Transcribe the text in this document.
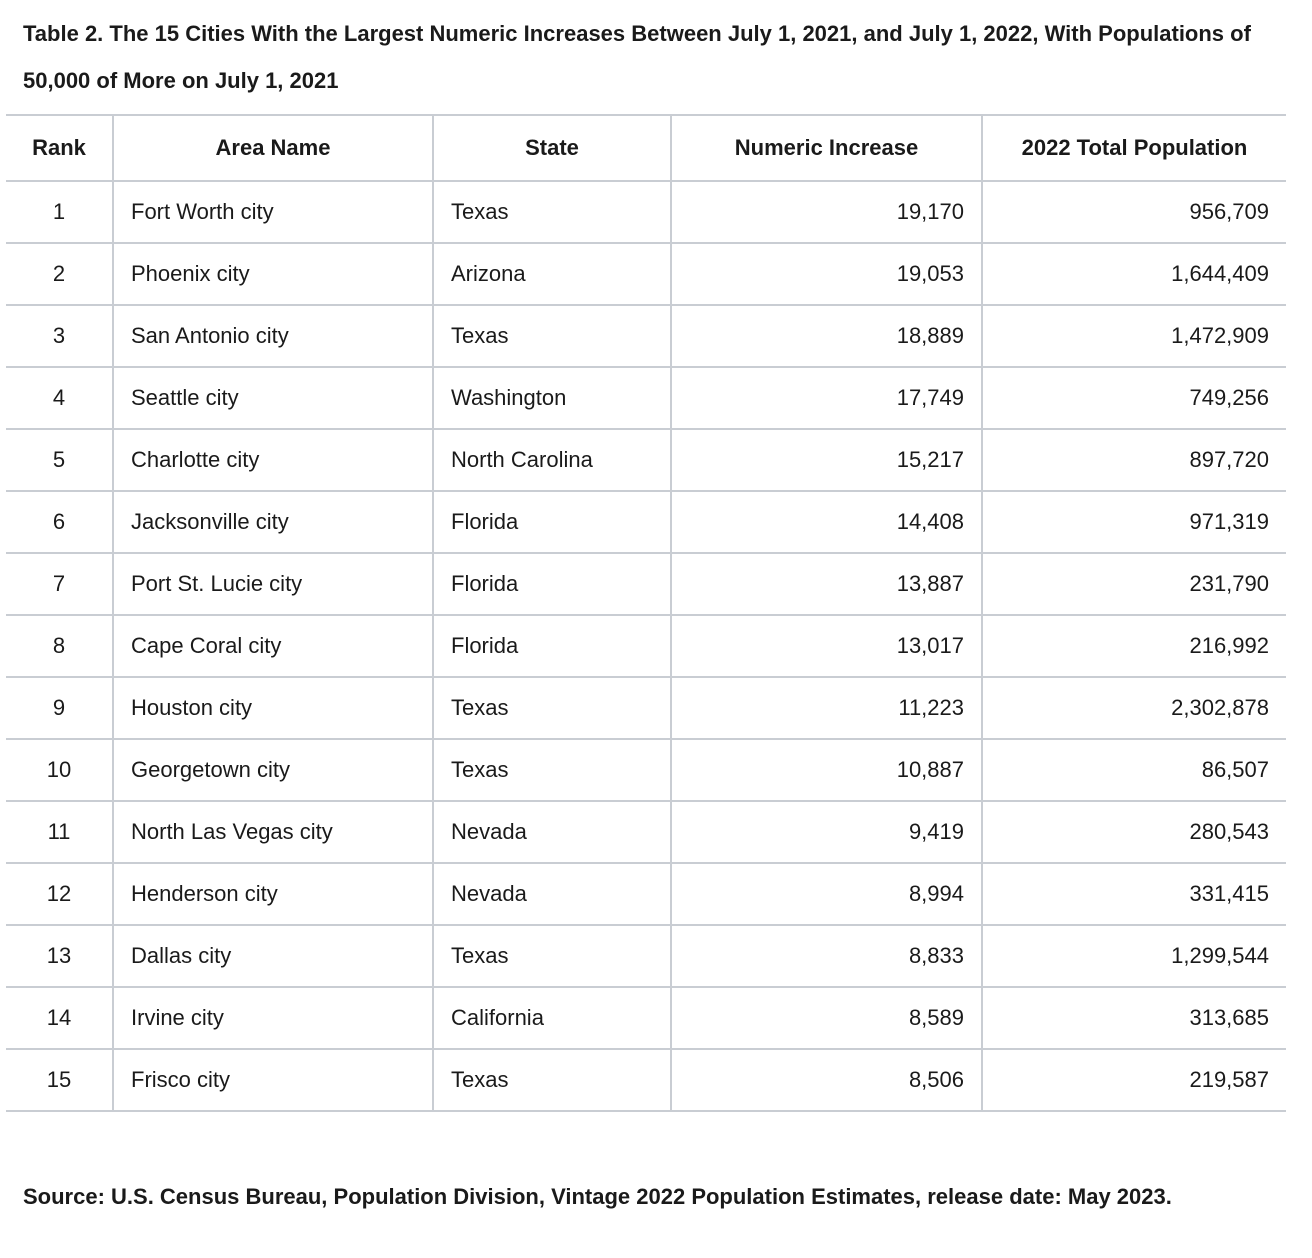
Table 2. The 15 Cities With the Largest Numeric Increases Between July 1, 2021, and July 1, 2022, With Populations of 50,000 of More on July 1, 2021
Rank	Area Name	State	Numeric Increase	2022 Total Population
1	Fort Worth city	Texas	19,170	956,709
2	Phoenix city	Arizona	19,053	1,644,409
3	San Antonio city	Texas	18,889	1,472,909
4	Seattle city	Washington	17,749	749,256
5	Charlotte city	North Carolina	15,217	897,720
6	Jacksonville city	Florida	14,408	971,319
7	Port St. Lucie city	Florida	13,887	231,790
8	Cape Coral city	Florida	13,017	216,992
9	Houston city	Texas	11,223	2,302,878
10	Georgetown city	Texas	10,887	86,507
11	North Las Vegas city	Nevada	9,419	280,543
12	Henderson city	Nevada	8,994	331,415
13	Dallas city	Texas	8,833	1,299,544
14	Irvine city	California	8,589	313,685
15	Frisco city	Texas	8,506	219,587

Source: U.S. Census Bureau, Population Division, Vintage 2022 Population Estimates, release date: May 2023.
